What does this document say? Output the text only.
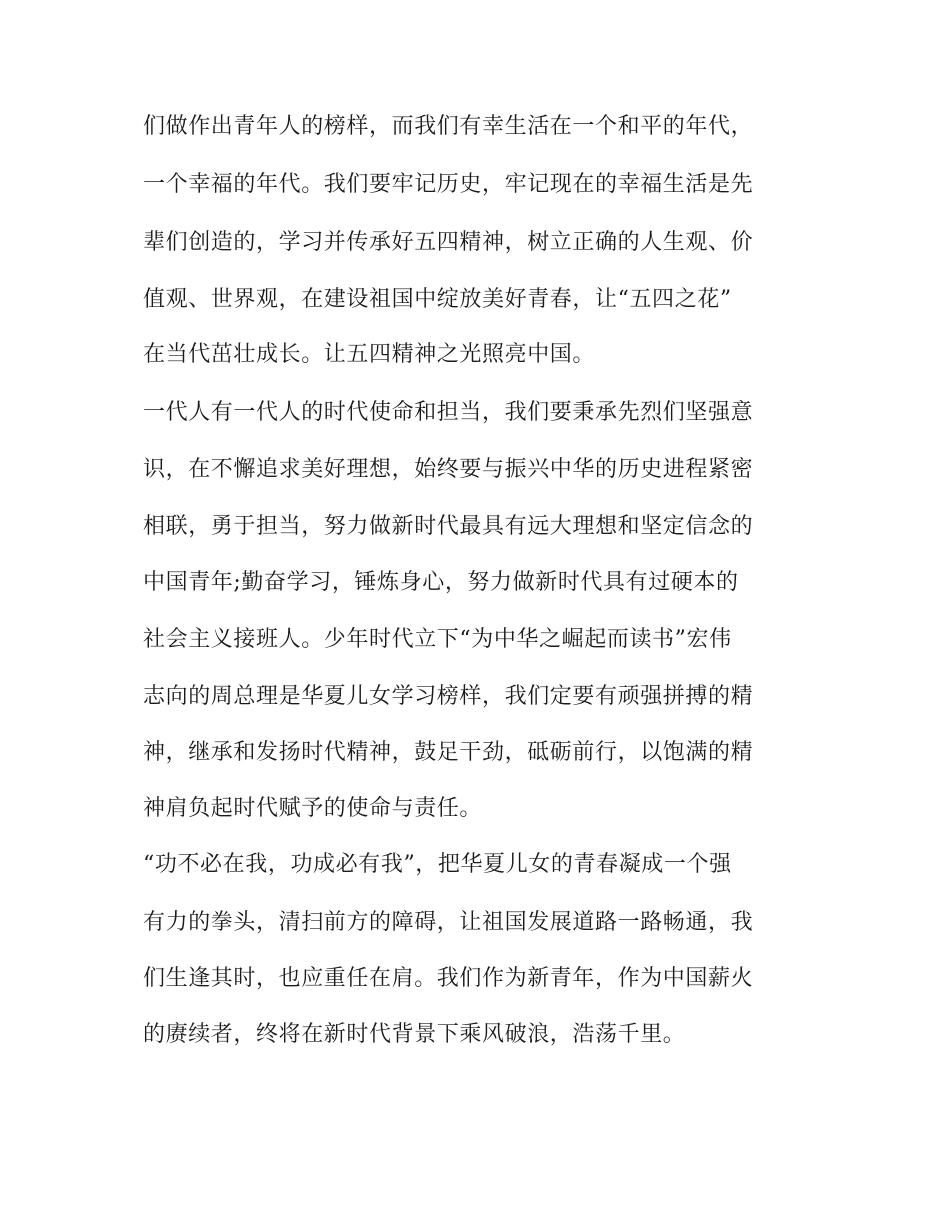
们做作出青年人的榜样，而我们有幸生活在一个和平的年代，
一个幸福的年代。我们要牢记历史，牢记现在的幸福生活是先
辈们创造的，学习并传承好五四精神，树立正确的人生观、价
值观、世界观，在建设祖国中绽放美好青春，让“五四之花”
在当代茁壮成长。让五四精神之光照亮中国。
一代人有一代人的时代使命和担当，我们要秉承先烈们坚强意
识，在不懈追求美好理想，始终要与振兴中华的历史进程紧密
相联，勇于担当，努力做新时代最具有远大理想和坚定信念的
中国青年;勤奋学习，锤炼身心，努力做新时代具有过硬本的
社会主义接班人。少年时代立下“为中华之崛起而读书”宏伟
志向的周总理是华夏儿女学习榜样，我们定要有顽强拼搏的精
神，继承和发扬时代精神，鼓足干劲，砥砺前行，以饱满的精
神肩负起时代赋予的使命与责任。
“功不必在我，功成必有我”，把华夏儿女的青春凝成一个强
有力的拳头，清扫前方的障碍，让祖国发展道路一路畅通，我
们生逢其时，也应重任在肩。我们作为新青年，作为中国薪火
的赓续者，终将在新时代背景下乘风破浪，浩荡千里。
